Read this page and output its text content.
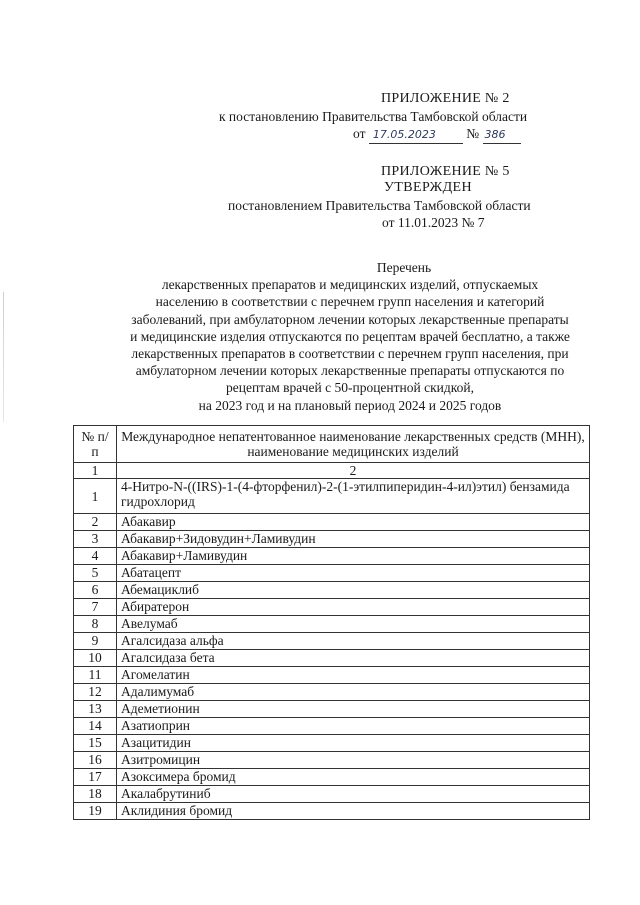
ПРИЛОЖЕНИЕ № 2
к постановлению Правительства Тамбовской области
от 17.05.2023 № 386
ПРИЛОЖЕНИЕ № 5
УТВЕРЖДЕН
постановлением Правительства Тамбовской области
от 11.01.2023 № 7
Перечень
лекарственных препаратов и медицинских изделий, отпускаемых
населению в соответствии с перечнем групп населения и категорий
заболеваний, при амбулаторном лечении которых лекарственные препараты
и медицинские изделия отпускаются по рецептам врачей бесплатно, а также
лекарственных препаратов в соответствии с перечнем групп населения, при
амбулаторном лечении которых лекарственные препараты отпускаются по
рецептам врачей с 50-процентной скидкой,
на 2023 год и на плановый период 2024 и 2025 годов
№ п/п	Международное непатентованное наименование лекарственных средств (МНН), наименование медицинских изделий
1	2
1	4-Нитро-N-((IRS)-1-(4-фторфенил)-2-(1-этилпиперидин-4-ил)этил) бензамида гидрохлорид
2	Абакавир
3	Абакавир+Зидовудин+Ламивудин
4	Абакавир+Ламивудин
5	Абатацепт
6	Абемациклиб
7	Абиратерон
8	Авелумаб
9	Агалсидаза альфа
10	Агалсидаза бета
11	Агомелатин
12	Адалимумаб
13	Адеметионин
14	Азатиоприн
15	Азацитидин
16	Азитромицин
17	Азоксимера бромид
18	Акалабрутиниб
19	Аклидиния бромид
